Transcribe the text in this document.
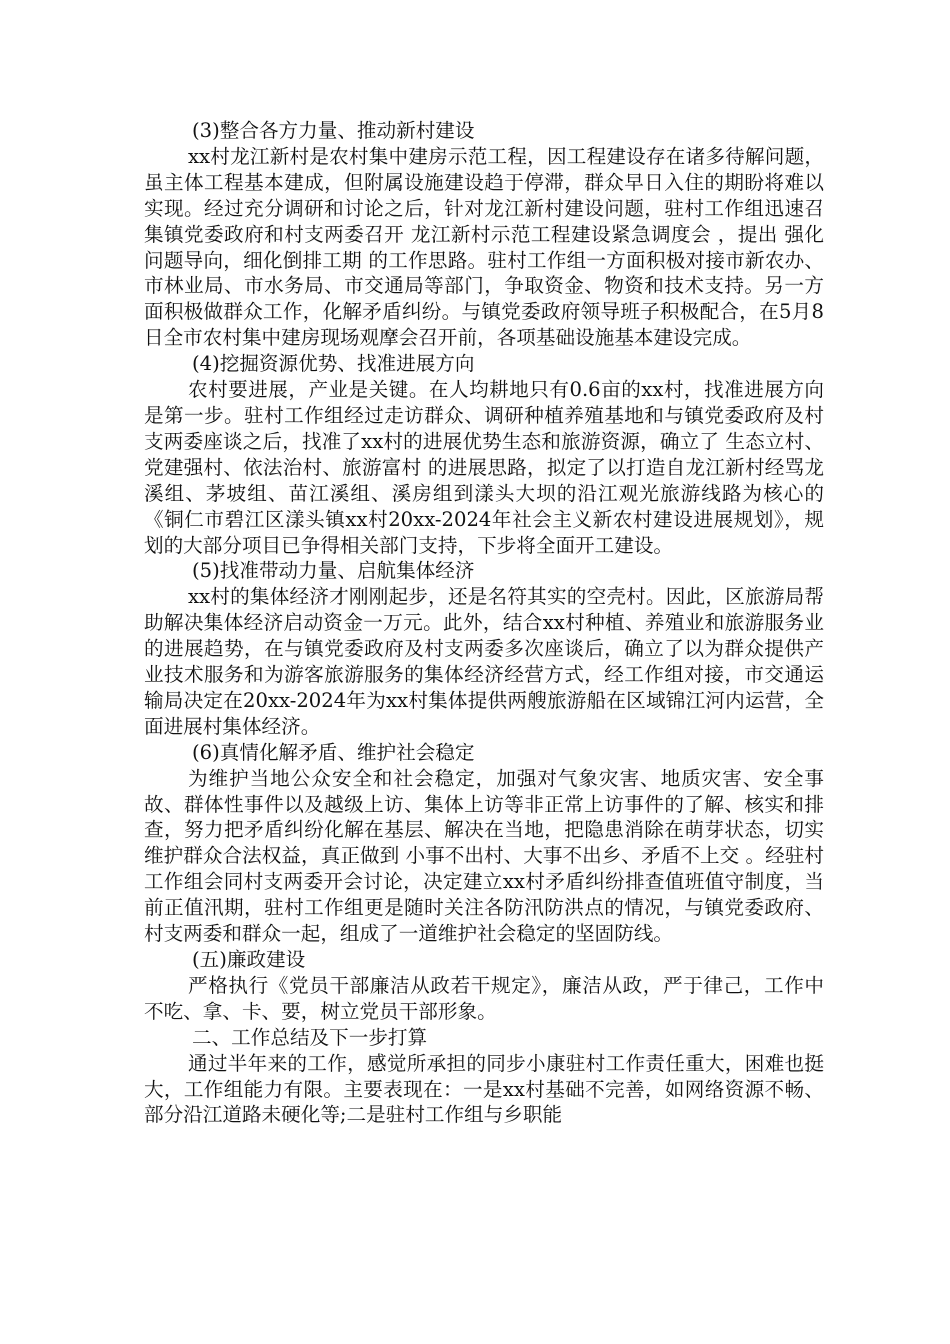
(3)整合各方力量、推动新村建设

xx村龙江新村是农村集中建房示范工程，因工程建设存在诸多待解问题，虽主体工程基本建成，但附属设施建设趋于停滞，群众早日入住的期盼将难以实现。经过充分调研和讨论之后，针对龙江新村建设问题，驻村工作组迅速召集镇党委政府和村支两委召开 龙江新村示范工程建设紧急调度会 ，提出 强化问题导向，细化倒排工期 的工作思路。驻村工作组一方面积极对接市新农办、市林业局、市水务局、市交通局等部门，争取资金、物资和技术支持。另一方面积极做群众工作，化解矛盾纠纷。与镇党委政府领导班子积极配合，在5月8日全市农村集中建房现场观摩会召开前，各项基础设施基本建设完成。

(4)挖掘资源优势、找准进展方向

农村要进展，产业是关键。在人均耕地只有0.6亩的xx村，找准进展方向是第一步。驻村工作组经过走访群众、调研种植养殖基地和与镇党委政府及村支两委座谈之后，找准了xx村的进展优势生态和旅游资源，确立了 生态立村、党建强村、依法治村、旅游富村 的进展思路，拟定了以打造自龙江新村经骂龙溪组、茅坡组、苗江溪组、溪房组到漾头大坝的沿江观光旅游线路为核心的《铜仁市碧江区漾头镇xx村20xx-2024年社会主义新农村建设进展规划》，规划的大部分项目已争得相关部门支持，下步将全面开工建设。

(5)找准带动力量、启航集体经济

xx村的集体经济才刚刚起步，还是名符其实的空壳村。因此，区旅游局帮助解决集体经济启动资金一万元。此外，结合xx村种植、养殖业和旅游服务业的进展趋势，在与镇党委政府及村支两委多次座谈后，确立了以为群众提供产业技术服务和为游客旅游服务的集体经济经营方式，经工作组对接，市交通运输局决定在20xx-2024年为xx村集体提供两艘旅游船在区域锦江河内运营，全面进展村集体经济。

(6)真情化解矛盾、维护社会稳定

为维护当地公众安全和社会稳定，加强对气象灾害、地质灾害、安全事故、群体性事件以及越级上访、集体上访等非正常上访事件的了解、核实和排查，努力把矛盾纠纷化解在基层、解决在当地，把隐患消除在萌芽状态，切实维护群众合法权益，真正做到 小事不出村、大事不出乡、矛盾不上交 。经驻村工作组会同村支两委开会讨论，决定建立xx村矛盾纠纷排查值班值守制度，当前正值汛期，驻村工作组更是随时关注各防汛防洪点的情况，与镇党委政府、村支两委和群众一起，组成了一道维护社会稳定的坚固防线。

(五)廉政建设

严格执行《党员干部廉洁从政若干规定》，廉洁从政，严于律己，工作中不吃、拿、卡、要，树立党员干部形象。

二、工作总结及下一步打算

通过半年来的工作，感觉所承担的同步小康驻村工作责任重大，困难也挺大，工作组能力有限。主要表现在：一是xx村基础不完善，如网络资源不畅、部分沿江道路未硬化等;二是驻村工作组与乡职能
